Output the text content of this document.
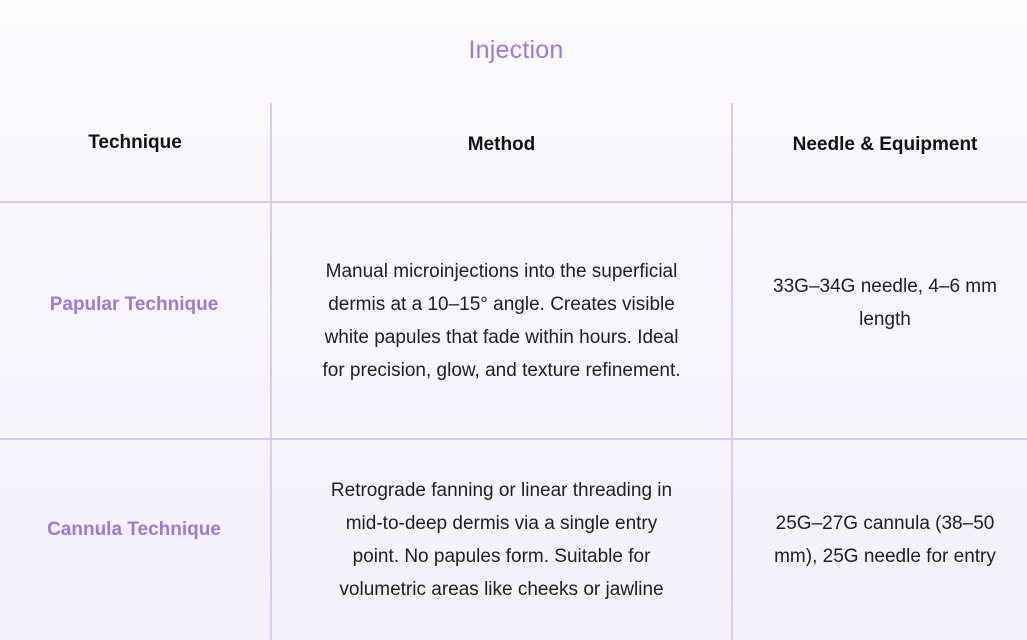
Injection
Technique	Method	Needle & Equipment
Papular Technique
Manual microinjections into the superficial dermis at a 10–15° angle. Creates visible white papules that fade within hours. Ideal for precision, glow, and texture refinement.
33G–34G needle, 4–6 mm length
Cannula Technique
Retrograde fanning or linear threading in mid-to-deep dermis via a single entry point. No papules form. Suitable for volumetric areas like cheeks or jawline
25G–27G cannula (38–50 mm), 25G needle for entry
